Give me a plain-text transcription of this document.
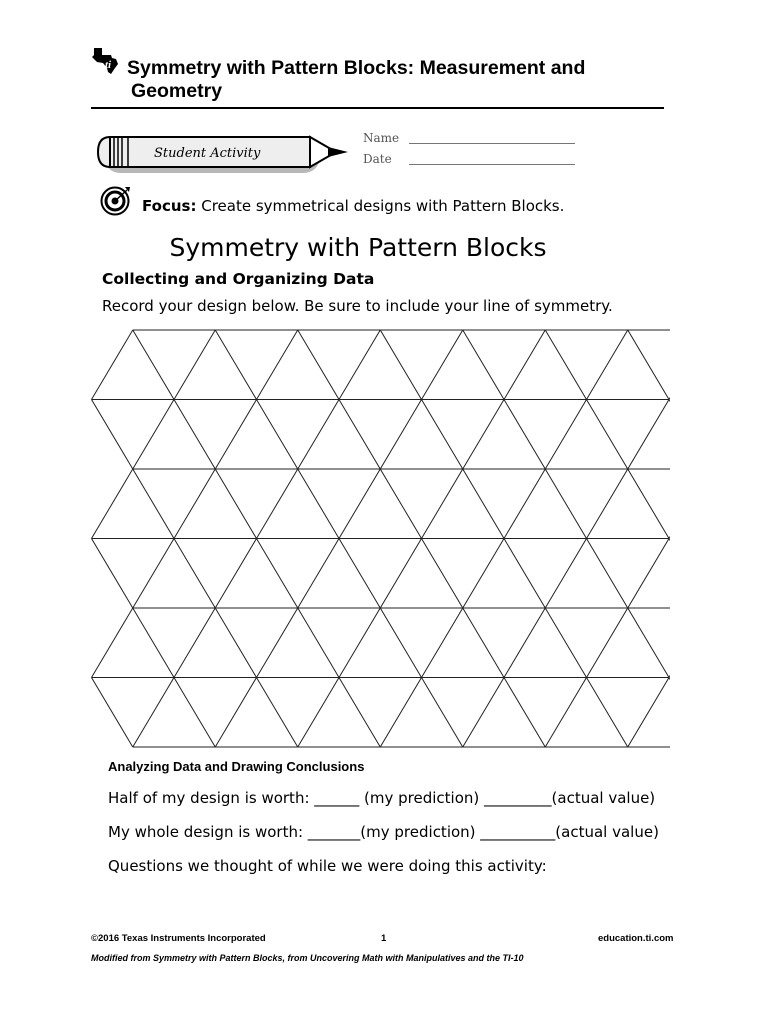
ti Symmetry with Pattern Blocks: Measurement and
Geometry
Student Activity
Name
Date
Focus: Create symmetrical designs with Pattern Blocks.
Symmetry with Pattern Blocks
Collecting and Organizing Data
Record your design below. Be sure to include your line of symmetry.
Analyzing Data and Drawing Conclusions
Half of my design is worth: ______ (my prediction) _________(actual value)
My whole design is worth: _______(my prediction) __________(actual value)
Questions we thought of while we were doing this activity:
©2016 Texas Instruments Incorporated	1	education.ti.com
Modified from Symmetry with Pattern Blocks, from Uncovering Math with Manipulatives and the TI-10
